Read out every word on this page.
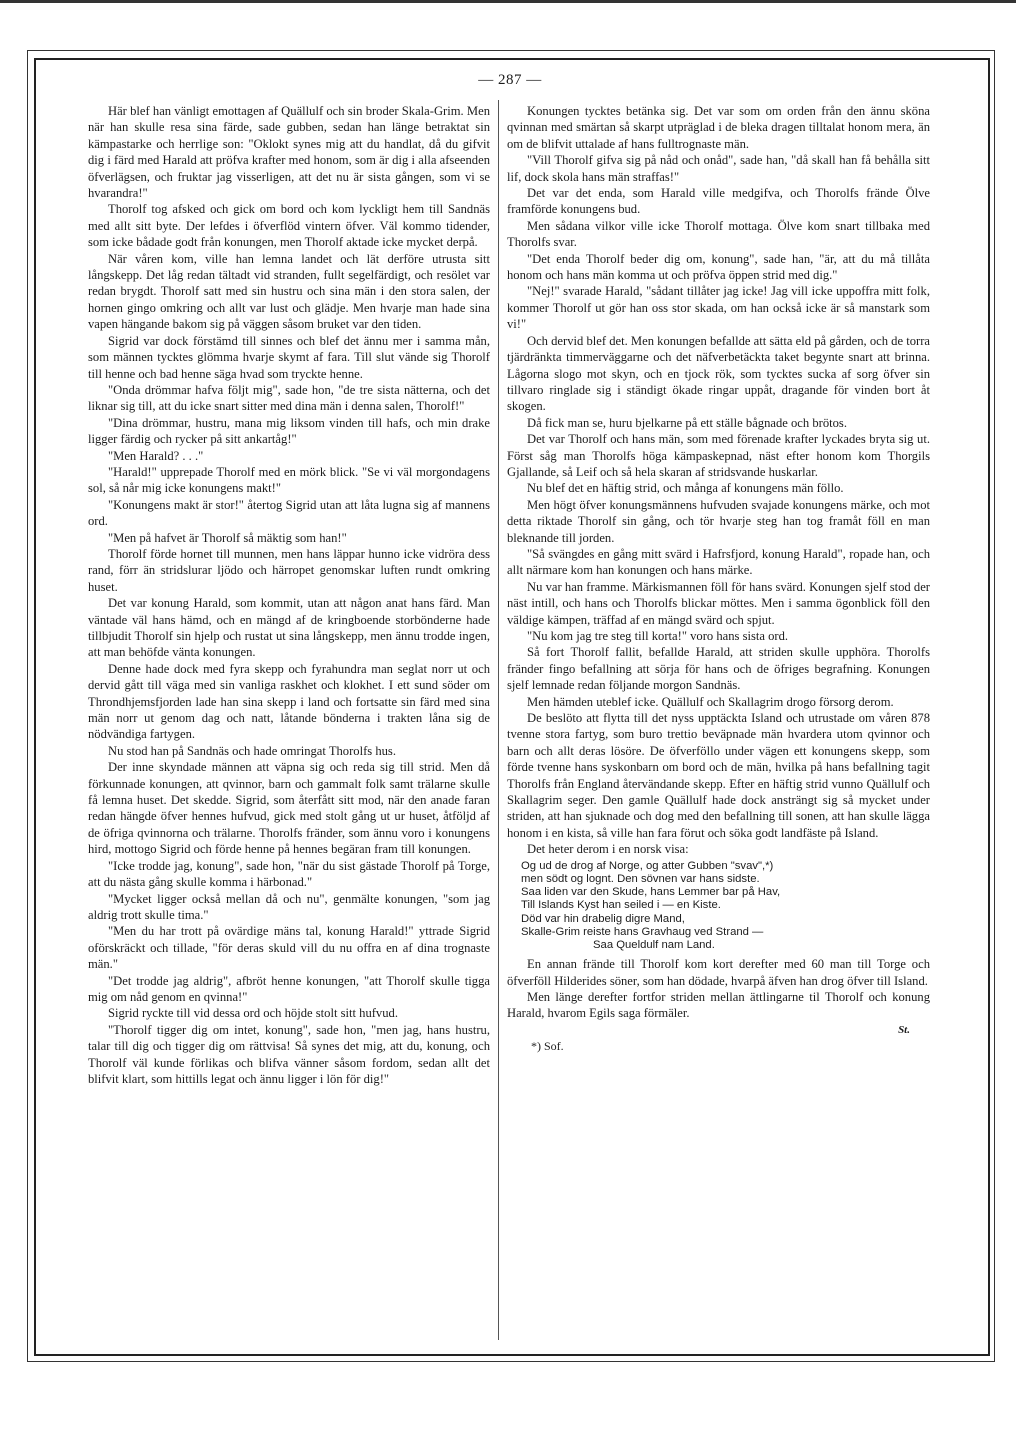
— 287 —

Här blef han vänligt emottagen af Quällulf och sin broder Skala-Grim. Men när han skulle resa sina färde, sade gubben, sedan han länge betraktat sin kämpastarke och herrlige son: "Oklokt synes mig att du handlat, då du gifvit dig i färd med Harald att pröfva krafter med honom, som är dig i alla afseenden öfverlägsen, och fruktar jag visserligen, att det nu är sista gången, som vi se hvarandra!"

Thorolf tog afsked och gick om bord och kom lyckligt hem till Sandnäs med allt sitt byte. Der lefdes i öfverflöd vintern öfver. Väl kommo tidender, som icke bådade godt från konungen, men Thorolf aktade icke mycket derpå.

När våren kom, ville han lemna landet och lät derföre utrusta sitt långskepp. Det låg redan tältadt vid stranden, fullt segelfärdigt, och resölet var redan brygdt. Thorolf satt med sin hustru och sina män i den stora salen, der hornen gingo omkring och allt var lust och glädje. Men hvarje man hade sina vapen hängande bakom sig på väggen såsom bruket var den tiden.

Sigrid var dock förstämd till sinnes och blef det ännu mer i samma mån, som männen tycktes glömma hvarje skymt af fara. Till slut vände sig Thorolf till henne och bad henne säga hvad som tryckte henne.

"Onda drömmar hafva följt mig", sade hon, "de tre sista nätterna, och det liknar sig till, att du icke snart sitter med dina män i denna salen, Thorolf!"

"Dina drömmar, hustru, mana mig liksom vinden till hafs, och min drake ligger färdig och rycker på sitt ankartåg!"

"Men Harald? . . ."

"Harald!" upprepade Thorolf med en mörk blick. "Se vi väl morgondagens sol, så når mig icke konungens makt!"

"Konungens makt är stor!" återtog Sigrid utan att låta lugna sig af mannens ord.

"Men på hafvet är Thorolf så mäktig som han!"

Thorolf förde hornet till munnen, men hans läppar hunno icke vidröra dess rand, förr än stridslurar ljödo och härropet genomskar luften rundt omkring huset.

Det var konung Harald, som kommit, utan att någon anat hans färd. Man väntade väl hans hämd, och en mängd af de kringboende storbönderne hade tillbjudit Thorolf sin hjelp och rustat ut sina långskepp, men ännu trodde ingen, att man behöfde vänta konungen.

Denne hade dock med fyra skepp och fyrahundra man seglat norr ut och dervid gått till väga med sin vanliga raskhet och klokhet. I ett sund söder om Throndhjemsfjorden lade han sina skepp i land och fortsatte sin färd med sina män norr ut genom dag och natt, låtande bönderna i trakten låna sig de nödvändiga fartygen.

Nu stod han på Sandnäs och hade omringat Thorolfs hus.

Der inne skyndade männen att väpna sig och reda sig till strid. Men då förkunnade konungen, att qvinnor, barn och gammalt folk samt trälarne skulle få lemna huset. Det skedde. Sigrid, som återfått sitt mod, när den anade faran redan hängde öfver hennes hufvud, gick med stolt gång ut ur huset, åtföljd af de öfriga qvinnorna och trälarne. Thorolfs fränder, som ännu voro i konungens hird, mottogo Sigrid och förde henne på hennes begäran fram till konungen.

"Icke trodde jag, konung", sade hon, "när du sist gästade Thorolf på Torge, att du nästa gång skulle komma i härbonad."

"Mycket ligger också mellan då och nu", genmälte konungen, "som jag aldrig trott skulle tima."

"Men du har trott på ovärdige mäns tal, konung Harald!" yttrade Sigrid oförskräckt och tillade, "för deras skuld vill du nu offra en af dina trognaste män."

"Det trodde jag aldrig", afbröt henne konungen, "att Thorolf skulle tigga mig om nåd genom en qvinna!"

Sigrid ryckte till vid dessa ord och höjde stolt sitt hufvud.

"Thorolf tigger dig om intet, konung", sade hon, "men jag, hans hustru, talar till dig och tigger dig om rättvisa! Så synes det mig, att du, konung, och Thorolf väl kunde förlikas och blifva vänner såsom fordom, sedan allt det blifvit klart, som hittills legat och ännu ligger i lön för dig!"

Konungen tycktes betänka sig. Det var som om orden från den ännu sköna qvinnan med smärtan så skarpt utpräglad i de bleka dragen tilltalat honom mera, än om de blifvit uttalade af hans fulltrognaste män.

"Vill Thorolf gifva sig på nåd och onåd", sade han, "då skall han få behålla sitt lif, dock skola hans män straffas!"

Det var det enda, som Harald ville medgifva, och Thorolfs frände Ölve framförde konungens bud.

Men sådana vilkor ville icke Thorolf mottaga. Ölve kom snart tillbaka med Thorolfs svar.

"Det enda Thorolf beder dig om, konung", sade han, "är, att du må tillåta honom och hans män komma ut och pröfva öppen strid med dig."

"Nej!" svarade Harald, "sådant tillåter jag icke! Jag vill icke uppoffra mitt folk, kommer Thorolf ut gör han oss stor skada, om han också icke är så manstark som vi!"

Och dervid blef det. Men konungen befallde att sätta eld på gården, och de torra tjärdränkta timmerväggarne och det näfverbetäckta taket begynte snart att brinna. Lågorna slogo mot skyn, och en tjock rök, som tycktes sucka af sorg öfver sin tillvaro ringlade sig i ständigt ökade ringar uppåt, dragande för vinden bort åt skogen.

Då fick man se, huru bjelkarne på ett ställe bågnade och brötos.

Det var Thorolf och hans män, som med förenade krafter lyckades bryta sig ut. Först såg man Thorolfs höga kämpaskepnad, näst efter honom kom Thorgils Gjallande, så Leif och så hela skaran af stridsvande huskarlar.

Nu blef det en häftig strid, och många af konungens män föllo.

Men högt öfver konungsmännens hufvuden svajade konungens märke, och mot detta riktade Thorolf sin gång, och tör hvarje steg han tog framåt föll en man bleknande till jorden.

"Så svängdes en gång mitt svärd i Hafrsfjord, konung Harald", ropade han, och allt närmare kom han konungen och hans märke.

Nu var han framme. Märkismannen föll för hans svärd. Konungen sjelf stod der näst intill, och hans och Thorolfs blickar möttes. Men i samma ögonblick föll den väldige kämpen, träffad af en mängd svärd och spjut.

"Nu kom jag tre steg till korta!" voro hans sista ord.

Så fort Thorolf fallit, befallde Harald, att striden skulle upphöra. Thorolfs fränder fingo befallning att sörja för hans och de öfriges begrafning. Konungen sjelf lemnade redan följande morgon Sandnäs.

Men hämden uteblef icke. Quällulf och Skallagrim drogo försorg derom.

De beslöto att flytta till det nyss upptäckta Island och utrustade om våren 878 tvenne stora fartyg, som buro trettio beväpnade män hvardera utom qvinnor och barn och allt deras lösöre. De öfverföllo under vägen ett konungens skepp, som förde tvenne hans syskonbarn om bord och de män, hvilka på hans befallning tagit Thorolfs från England återvändande skepp. Efter en häftig strid vunno Quällulf och Skallagrim seger. Den gamle Quällulf hade dock ansträngt sig så mycket under striden, att han sjuknade och dog med den befallning till sonen, att han skulle lägga honom i en kista, så ville han fara förut och söka godt landfäste på Island.

Det heter derom i en norsk visa:

Og ud de drog af Norge, og atter Gubben "svav",*)
men södt og lognt. Den sövnen var hans sidste.
Saa liden var den Skude, hans Lemmer bar på Hav,
Till Islands Kyst han seiled i — en Kiste.
Död var hin drabelig digre Mand,
Skalle-Grim reiste hans Gravhaug ved Strand —
Saa Queldulf nam Land.

En annan frände till Thorolf kom kort derefter med 60 man till Torge och öfverföll Hilderides söner, som han dödade, hvarpå äfven han drog öfver till Island.

Men länge derefter fortfor striden mellan ättlingarne til Thorolf och konung Harald, hvarom Egils saga förmäler.

St.
*) Sof.
